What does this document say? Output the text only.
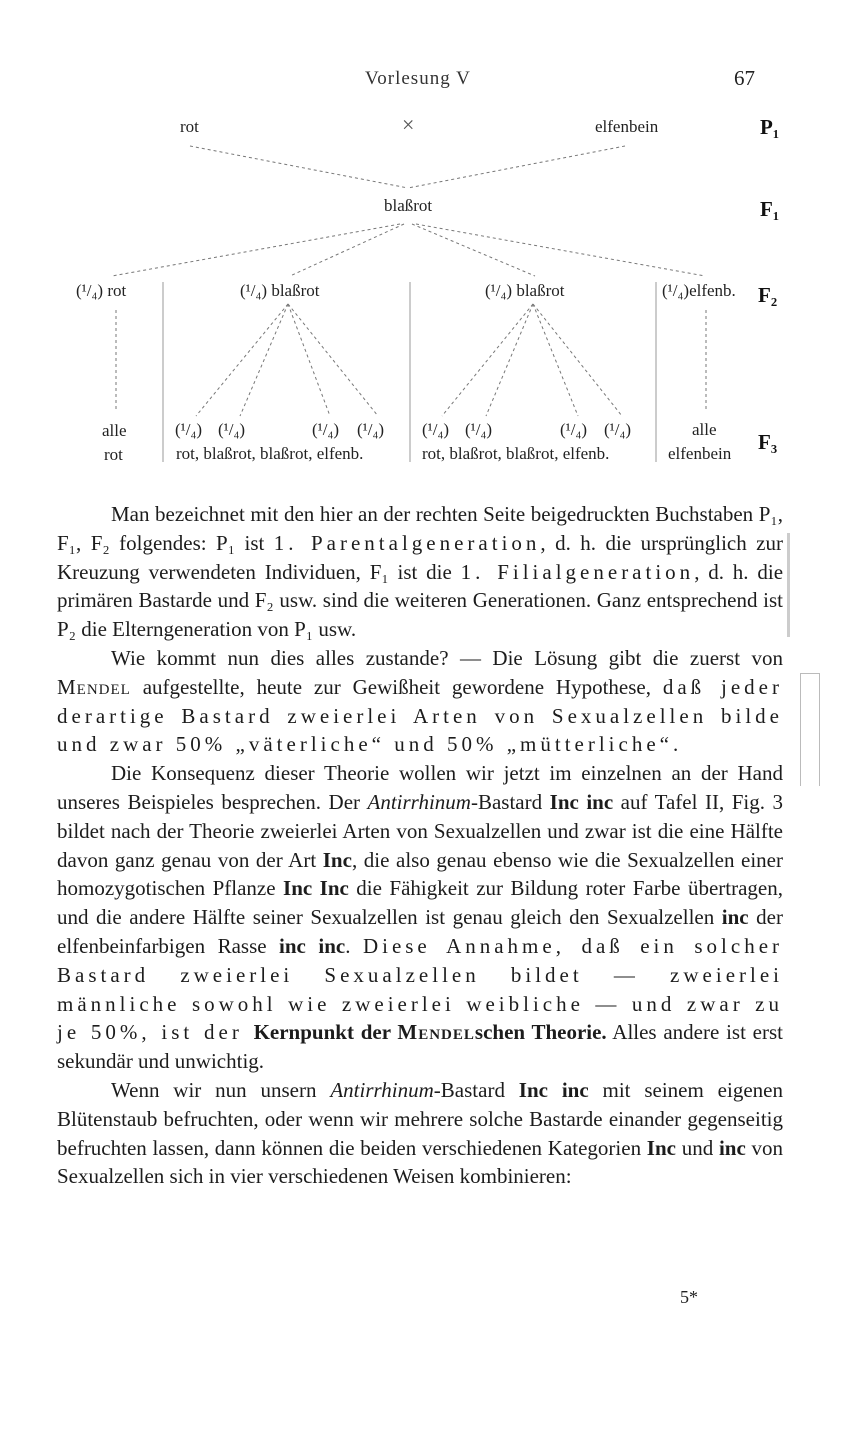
Vorlesung V	67
rot	×	elfenbein	P₁
blaßrot	F₁
(¹/₄) rot	(¹/₄) blaßrot	(¹/₄) blaßrot	(¹/₄)elfenb. F₂
alle
rot
(¹/₄) (¹/₄)	(¹/₄) (¹/₄)
rot, blaßrot, blaßrot, elfenb.
(¹/₄) (¹/₄)	(¹/₄) (¹/₄)
rot, blaßrot, blaßrot, elfenb.
alle
elfenbein F₃

Man bezeichnet mit den hier an der rechten Seite beigedruckten Buchstaben P₁, F₁, F₂ folgendes: P₁ ist 1. Parentalgeneration, d. h. die ursprünglich zur Kreuzung verwendeten Individuen, F₁ ist die 1. Filialgeneration, d. h. die primären Bastarde und F₂ usw. sind die weiteren Generationen. Ganz entsprechend ist P₂ die Elterngeneration von P₁ usw.

Wie kommt nun dies alles zustande? — Die Lösung gibt die zuerst von Mendel aufgestellte, heute zur Gewißheit gewordene Hypothese, daß jeder derartige Bastard zweierlei Arten von Sexualzellen bilde und zwar 50% „väterliche“ und 50% „mütterliche“.

Die Konsequenz dieser Theorie wollen wir jetzt im einzelnen an der Hand unseres Beispieles besprechen. Der Antirrhinum-Bastard Inc inc auf Tafel II, Fig. 3 bildet nach der Theorie zweierlei Arten von Sexualzellen und zwar ist die eine Hälfte davon ganz genau von der Art Inc, die also genau ebenso wie die Sexualzellen einer homozygotischen Pflanze Inc Inc die Fähigkeit zur Bildung roter Farbe übertragen, und die andere Hälfte seiner Sexualzellen ist genau gleich den Sexualzellen inc der elfenbeinfarbigen Rasse inc inc. Diese Annahme, daß ein solcher Bastard zweierlei Sexualzellen bildet — zweierlei männliche sowohl wie zweierlei weibliche — und zwar zu je 50%, ist der Kernpunkt der Mendelschen Theorie. Alles andere ist erst sekundär und unwichtig.

Wenn wir nun unsern Antirrhinum-Bastard Inc inc mit seinem eigenen Blütenstaub befruchten, oder wenn wir mehrere solche Bastarde einander gegenseitig befruchten lassen, dann können die beiden verschiedenen Kategorien Inc und inc von Sexualzellen sich in vier verschiedenen Weisen kombinieren:

5*
